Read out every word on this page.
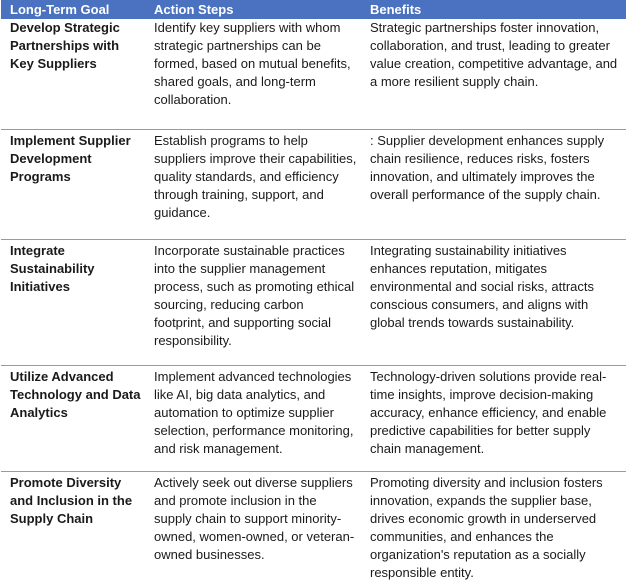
Long-Term Goal	Action Steps	Benefits
Develop Strategic Partnerships with Key Suppliers	Identify key suppliers with whom strategic partnerships can be formed, based on mutual benefits, shared goals, and long-term collaboration.	Strategic partnerships foster innovation, collaboration, and trust, leading to greater value creation, competitive advantage, and a more resilient supply chain.
Implement Supplier Development Programs	Establish programs to help suppliers improve their capabilities, quality standards, and efficiency through training, support, and guidance.	: Supplier development enhances supply chain resilience, reduces risks, fosters innovation, and ultimately improves the overall performance of the supply chain.
Integrate Sustainability Initiatives	Incorporate sustainable practices into the supplier management process, such as promoting ethical sourcing, reducing carbon footprint, and supporting social responsibility.	Integrating sustainability initiatives enhances reputation, mitigates environmental and social risks, attracts conscious consumers, and aligns with global trends towards sustainability.
Utilize Advanced Technology and Data Analytics	Implement advanced technologies like AI, big data analytics, and automation to optimize supplier selection, performance monitoring, and risk management.	Technology-driven solutions provide real-time insights, improve decision-making accuracy, enhance efficiency, and enable predictive capabilities for better supply chain management.
Promote Diversity and Inclusion in the Supply Chain	Actively seek out diverse suppliers and promote inclusion in the supply chain to support minority-owned, women-owned, or veteran-owned businesses.	Promoting diversity and inclusion fosters innovation, expands the supplier base, drives economic growth in underserved communities, and enhances the organization's reputation as a socially responsible entity.
